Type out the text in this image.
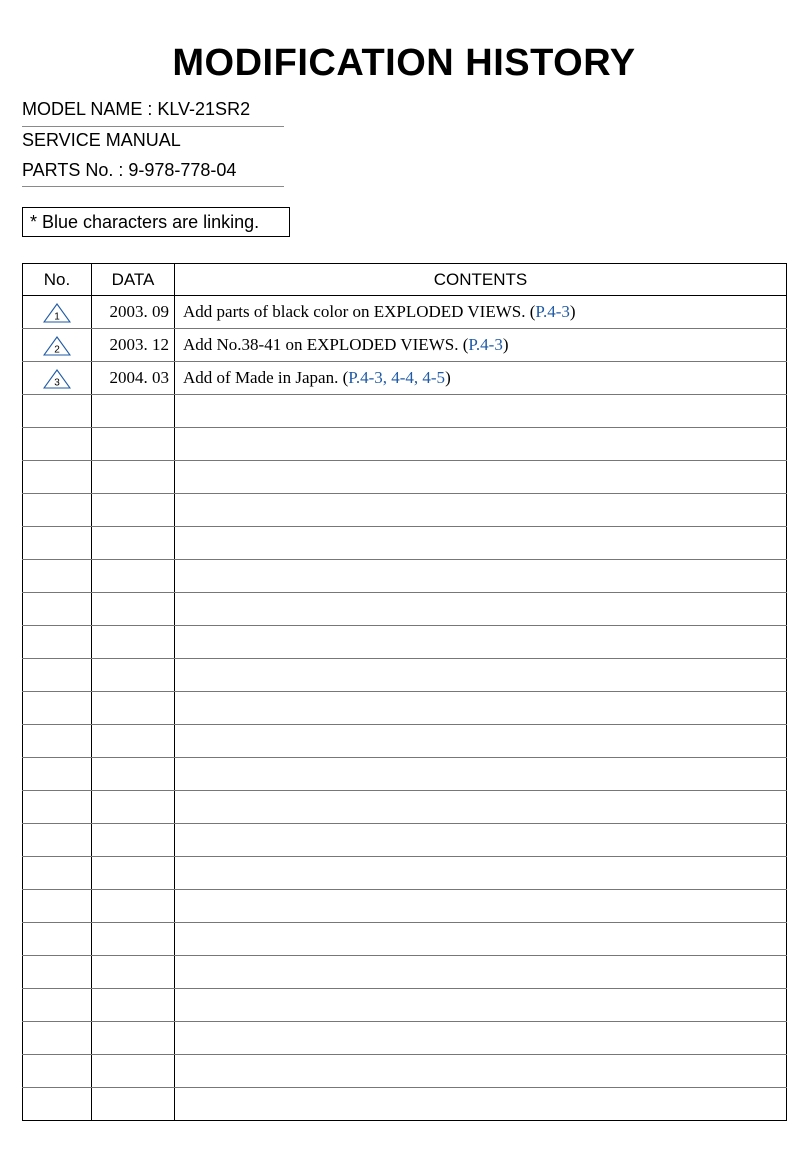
MODIFICATION HISTORY
MODEL NAME : KLV-21SR2
SERVICE MANUAL
PARTS No. : 9-978-778-04
* Blue characters are linking.
No.	DATA	CONTENTS

1	2003. 09	Add parts of black color on EXPLODED VIEWS. (P.4-3)

2	2003. 12	Add No.38-41 on EXPLODED VIEWS. (P.4-3)

3	2004. 03	Add of Made in Japan. (P.4-3, 4-4, 4-5)
